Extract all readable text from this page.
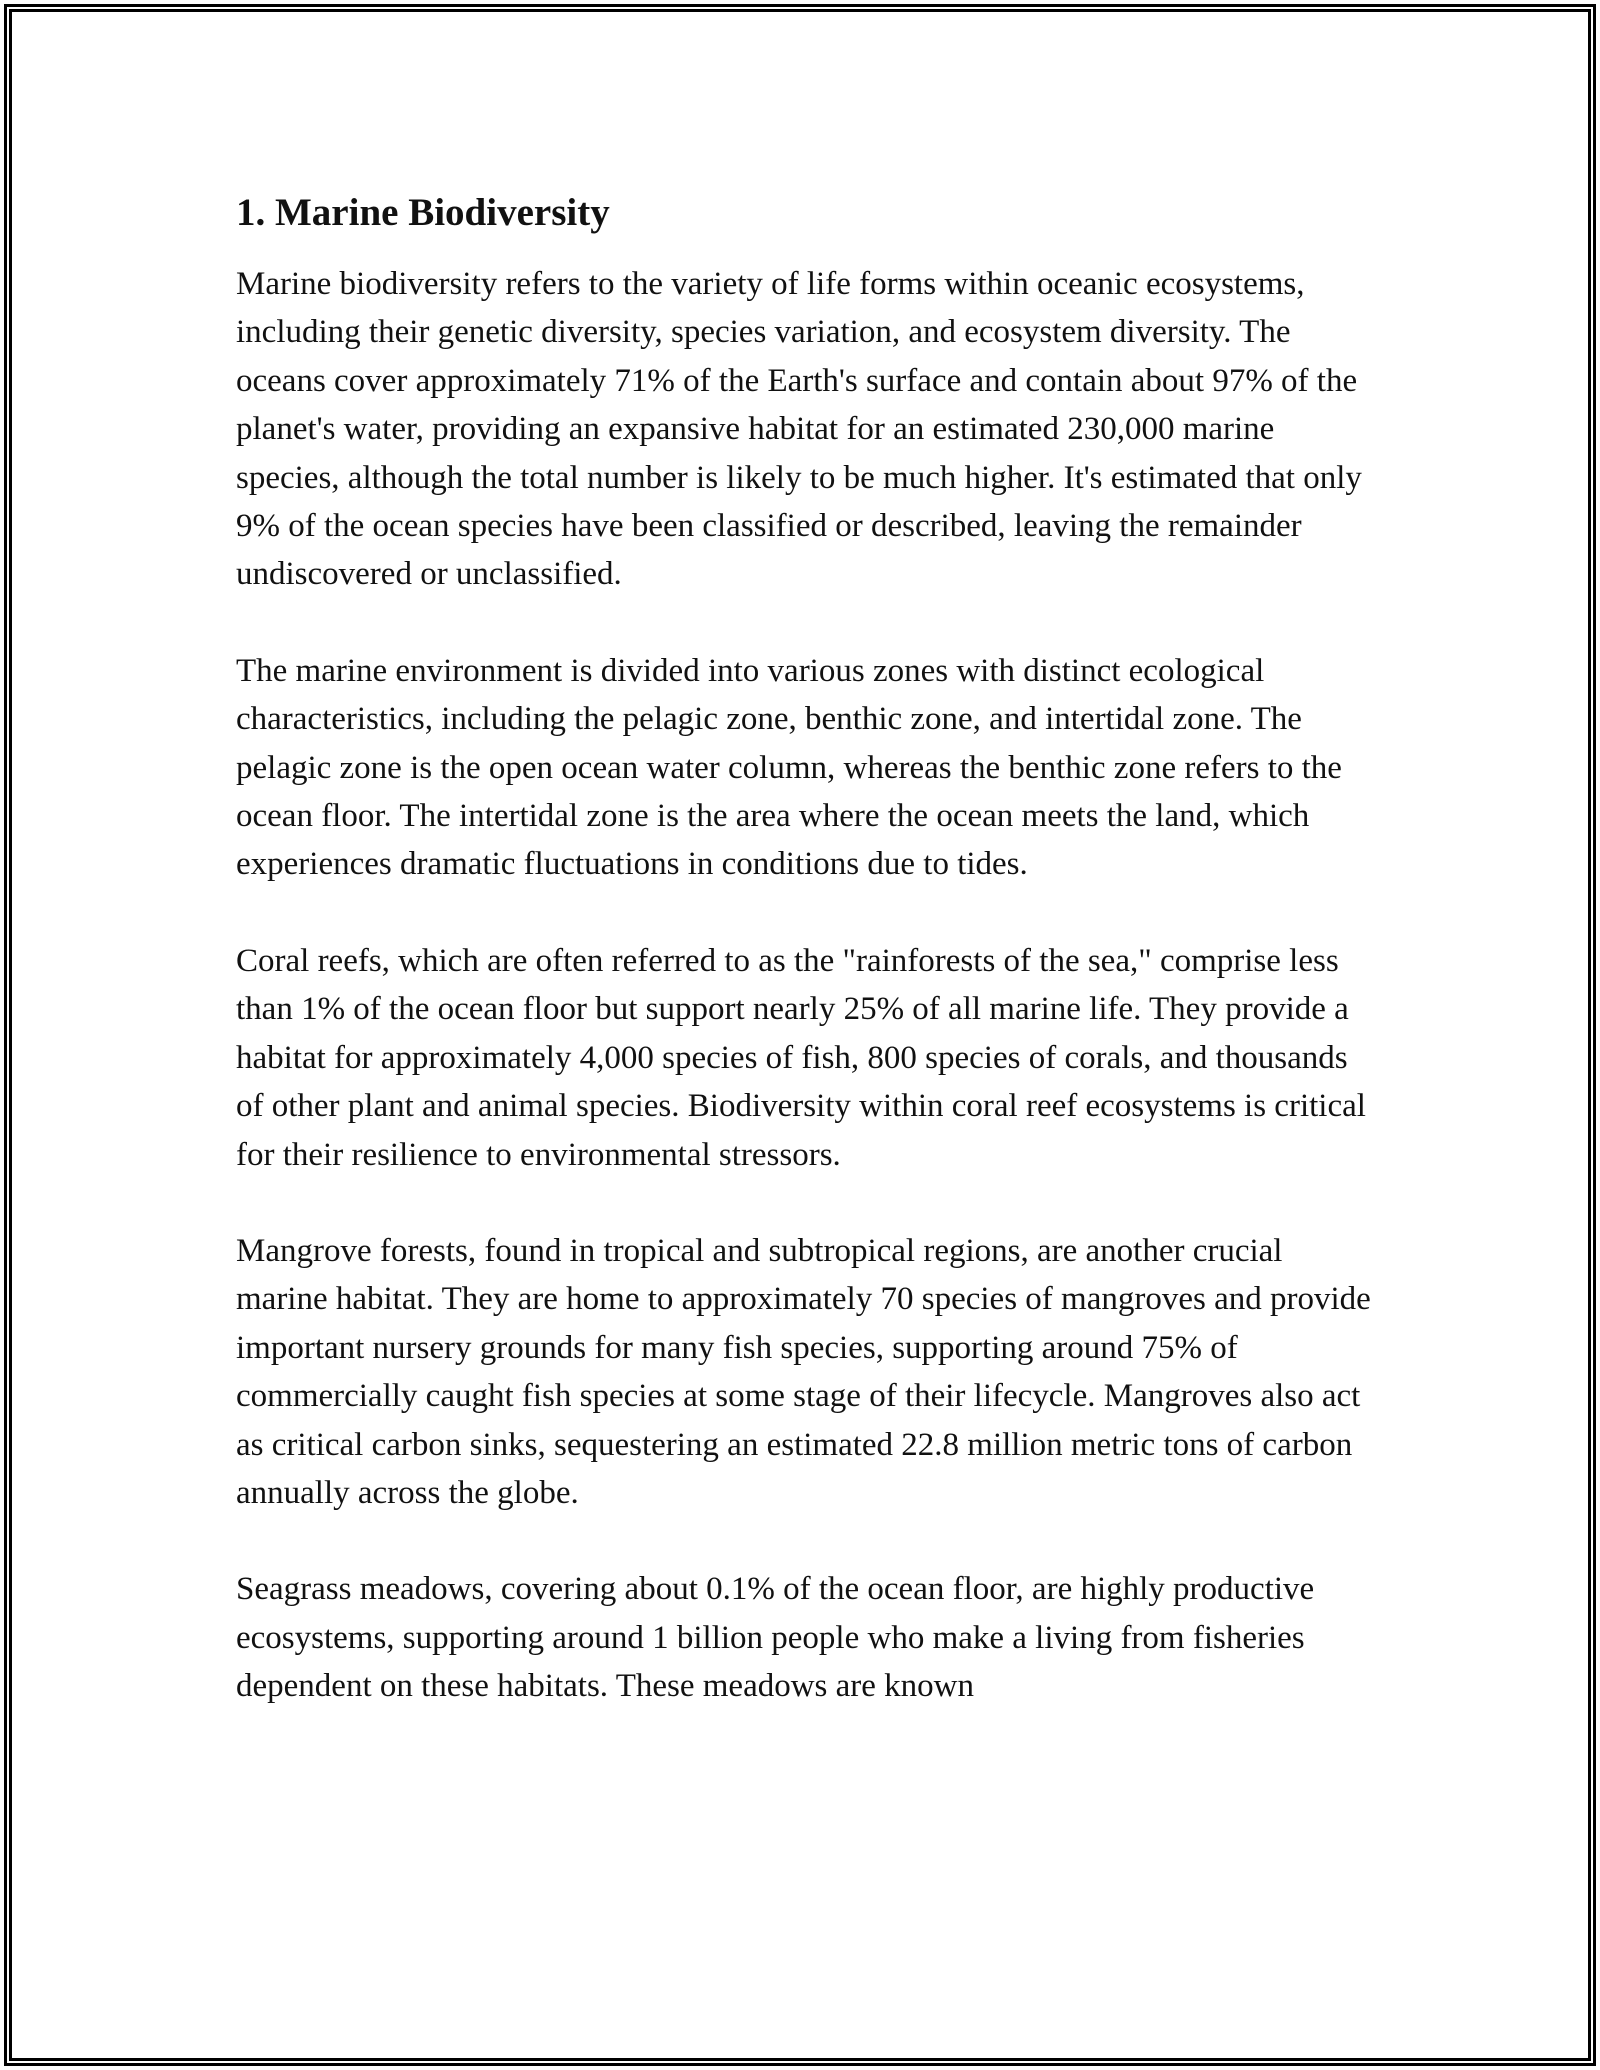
1. Marine Biodiversity

Marine biodiversity refers to the variety of life forms within oceanic ecosystems, including their genetic diversity, species variation, and ecosystem diversity. The oceans cover approximately 71% of the Earth's surface and contain about 97% of the planet's water, providing an expansive habitat for an estimated 230,000 marine species, although the total number is likely to be much higher. It's estimated that only 9% of the ocean species have been classified or described, leaving the remainder undiscovered or unclassified.

The marine environment is divided into various zones with distinct ecological characteristics, including the pelagic zone, benthic zone, and intertidal zone. The pelagic zone is the open ocean water column, whereas the benthic zone refers to the ocean floor. The intertidal zone is the area where the ocean meets the land, which experiences dramatic fluctuations in conditions due to tides.

Coral reefs, which are often referred to as the "rainforests of the sea," comprise less than 1% of the ocean floor but support nearly 25% of all marine life. They provide a habitat for approximately 4,000 species of fish, 800 species of corals, and thousands of other plant and animal species. Biodiversity within coral reef ecosystems is critical for their resilience to environmental stressors.

Mangrove forests, found in tropical and subtropical regions, are another crucial marine habitat. They are home to approximately 70 species of mangroves and provide important nursery grounds for many fish species, supporting around 75% of commercially caught fish species at some stage of their lifecycle. Mangroves also act as critical carbon sinks, sequestering an estimated 22.8 million metric tons of carbon annually across the globe.

Seagrass meadows, covering about 0.1% of the ocean floor, are highly productive ecosystems, supporting around 1 billion people who make a living from fisheries dependent on these habitats. These meadows are known
